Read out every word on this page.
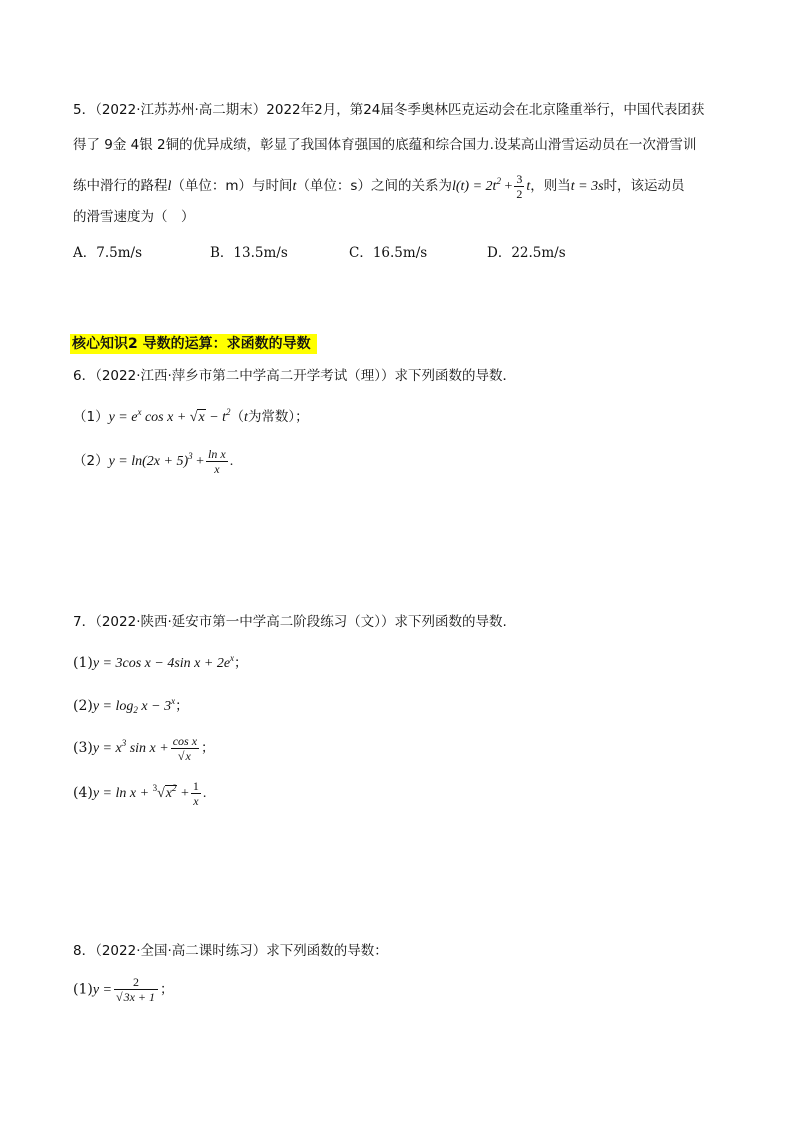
5．（2022·江苏苏州·高二期末）2022年2月，第24届冬季奥林匹克运动会在北京隆重举行，中国代表团获
得了 9金 4银 2铜的优异成绩，彰显了我国体育强国的底蕴和综合国力.设某高山滑雪运动员在一次滑雪训
练中滑行的路程l（单位：m）与时间t（单位：s）之间的关系为$l(t) = 2t^2 + \frac{3}{2}$ t，则当t = 3s时，该运动员
的滑雪速度为（　）
A．7.5m/s	B．13.5m/s	C．16.5m/s	D．22.5m/s
核心知识2 导数的运算：求函数的导数
6．（2022·江西·萍乡市第二中学高二开学考试（理））求下列函数的导数．
$(1)y = e^x$ $\cos x + √x - t^2(t$为常数）；
$(2)y = \ln(2x + 5)^3 + \frac{\text{ln x}}{x}$ .
7．（2022·陕西·延安市第一中学高二阶段练习（文））求下列函数的导数.
(1)y = 3cos x − 4sin $x + 2e^x$；
$(2)y = \log_2 x - 3^x$；
$(3)y = x^3$ $\sin x + \frac{\text{cos x}}{√x}$ ；
$(4)y = \ln x + ^3√x^2 + \frac{1}{x}$ .
8．（2022·全国·高二课时练习）求下列函数的导数：
$(1)y = \frac{2}{√3x + 1}$ ；
